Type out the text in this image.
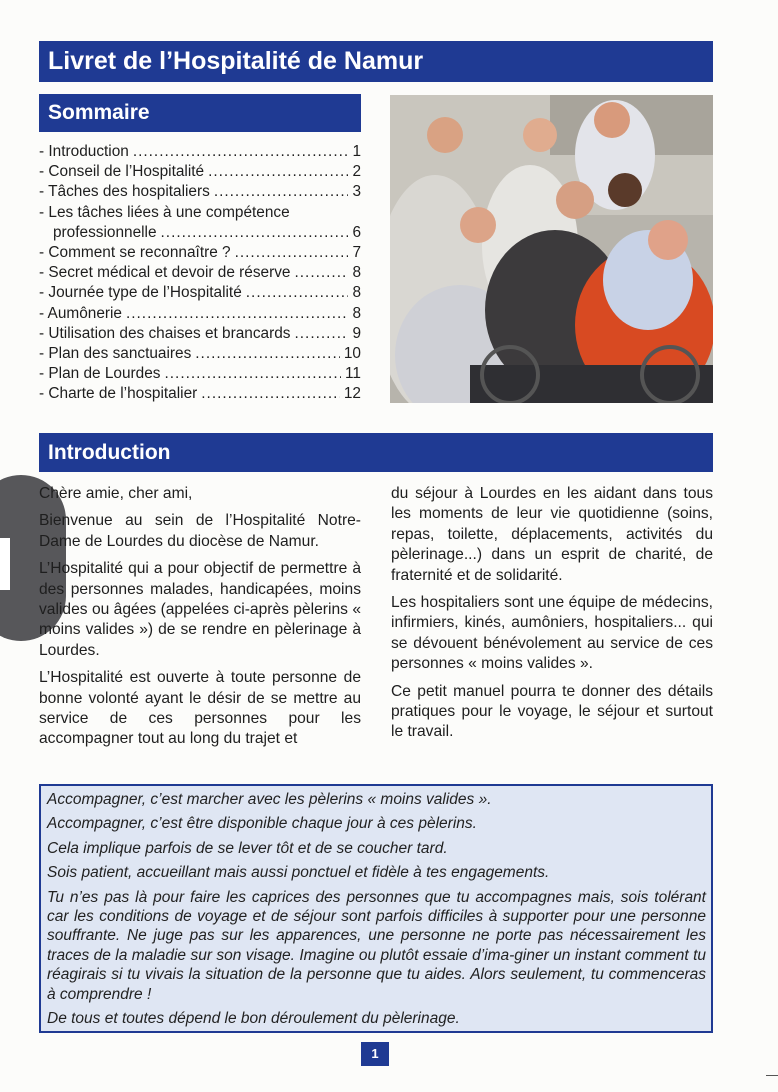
Livret de l’Hospitalité de Namur
Sommaire
- Introduction .....	1
- Conseil de l’Hospitalité .....	2
- Tâches des hospitaliers .....	3
- Les tâches liées à une compétence
professionnelle .....	6
- Comment se reconnaître ? .....	7
- Secret médical et devoir de réserve .....	8
- Journée type de l’Hospitalité .....	8
- Aumônerie .....	8
- Utilisation des chaises et brancards .....	9
- Plan des sanctuaires .....	10
- Plan de Lourdes .....	11
- Charte de l’hospitalier .....	12
Introduction

Chère amie, cher ami,

Bienvenue au sein de l’Hospitalité Notre-Dame de Lourdes du diocèse de Namur.

L’Hospitalité qui a pour objectif de permettre à des personnes malades, handicapées, moins valides ou âgées (appelées ci-après pèlerins « moins valides ») de se rendre en pèlerinage à Lourdes.

L’Hospitalité est ouverte à toute personne de bonne volonté ayant le désir de se mettre au service de ces personnes pour les accompagner tout au long du trajet et

du séjour à Lourdes en les aidant dans tous les moments de leur vie quotidienne (soins, repas, toilette, déplacements, activités du pèlerinage...) dans un esprit de charité, de fraternité et de solidarité.

Les hospitaliers sont une équipe de médecins, infirmiers, kinés, aumôniers, hospitaliers... qui se dévouent bénévolement au service de ces personnes « moins valides ».

Ce petit manuel pourra te donner des détails pratiques pour le voyage, le séjour et surtout le travail.

Accompagner, c’est marcher avec les pèlerins « moins valides ».

Accompagner, c’est être disponible chaque jour à ces pèlerins.

Cela implique parfois de se lever tôt et de se coucher tard.

Sois patient, accueillant mais aussi ponctuel et fidèle à tes engagements.

Tu n’es pas là pour faire les caprices des personnes que tu accompagnes mais, sois tolérant car les conditions de voyage et de séjour sont parfois difficiles à supporter pour une personne souffrante. Ne juge pas sur les apparences, une personne ne porte pas nécessairement les traces de la maladie sur son visage. Imagine ou plutôt essaie d’ima-giner un instant comment tu réagirais si tu vivais la situation de la personne que tu aides. Alors seulement, tu commenceras à comprendre !

De tous et toutes dépend le bon déroulement du pèlerinage.

1
